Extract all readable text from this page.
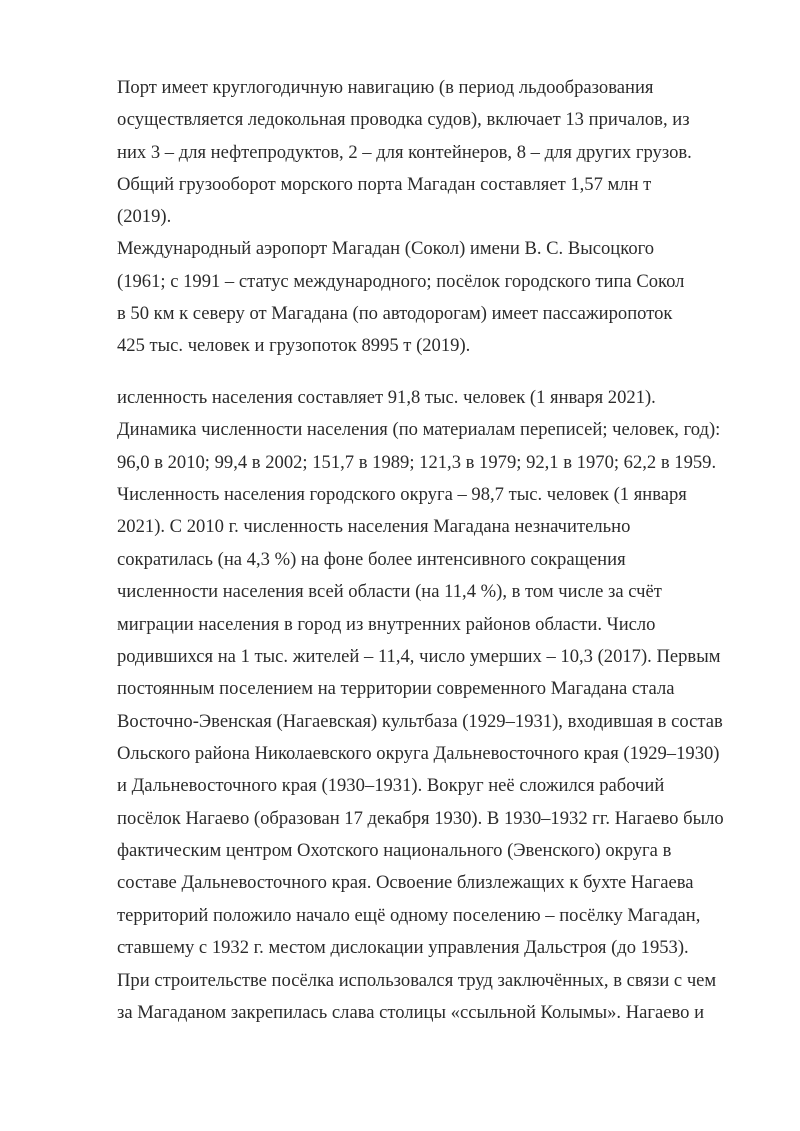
Порт имеет круглогодичную навигацию (в период льдообразования

осуществляется ледокольная проводка судов), включает 13 причалов, из

них 3 – для нефтепродуктов, 2 – для контейнеров, 8 – для других грузов.

Общий грузооборот морского порта Магадан составляет 1,57 млн т

(2019).

Международный аэропорт Магадан (Сокол) имени В. С. Высоцкого

(1961; с 1991 – статус международного; посёлок городского типа Сокол

в 50 км к северу от Магадана (по автодорогам) имеет пассажиропоток

425 тыс. человек и грузопоток 8995 т (2019).

исленность населения составляет 91,8 тыс. человек (1 января 2021).

Динамика численности населения (по материалам переписей; человек, год):

96,0 в 2010; 99,4 в 2002; 151,7 в 1989; 121,3 в 1979; 92,1 в 1970; 62,2 в 1959.

Численность населения городского округа – 98,7 тыс. человек (1 января

2021). С 2010 г. численность населения Магадана незначительно

сократилась (на 4,3 %) на фоне более интенсивного сокращения

численности населения всей области (на 11,4 %), в том числе за счёт

миграции населения в город из внутренних районов области. Число

родившихся на 1 тыс. жителей – 11,4, число умерших – 10,3 (2017). Первым

постоянным поселением на территории современного Магадана стала

Восточно-Эвенская (Нагаевская) культбаза (1929–1931), входившая в состав

Ольского района Николаевского округа Дальневосточного края (1929–1930)

и Дальневосточного края (1930–1931). Вокруг неё сложился рабочий

посёлок Нагаево (образован 17 декабря 1930). В 1930–1932 гг. Нагаево было

фактическим центром Охотского национального (Эвенского) округа в

составе Дальневосточного края. Освоение близлежащих к бухте Нагаева

территорий положило начало ещё одному поселению – посёлку Магадан,

ставшему с 1932 г. местом дислокации управления Дальстроя (до 1953).

При строительстве посёлка использовался труд заключённых, в связи с чем

за Магаданом закрепилась слава столицы «ссыльной Колымы». Нагаево и
